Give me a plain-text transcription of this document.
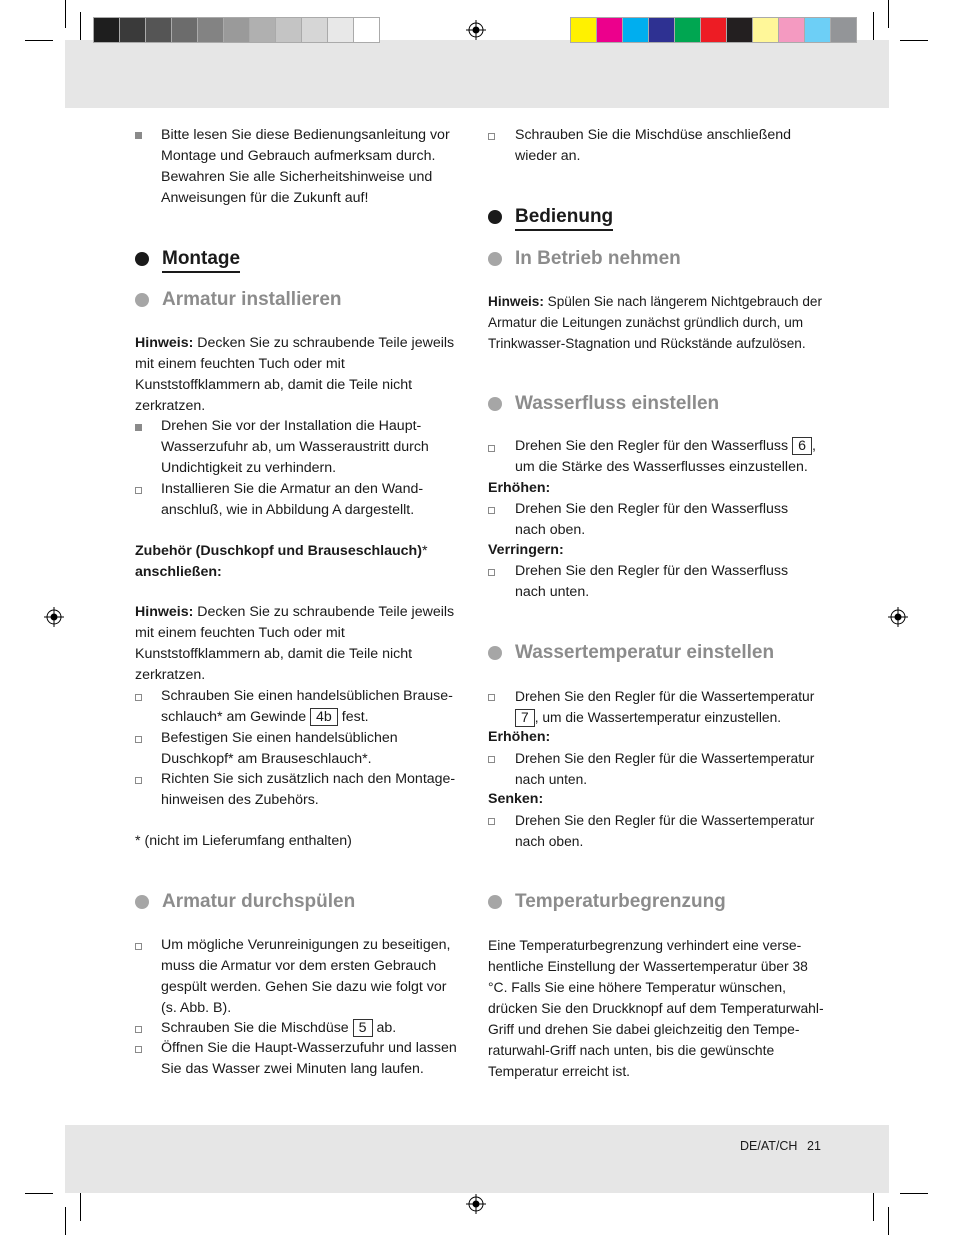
Bitte lesen Sie diese Bedienungsanleitung vor Montage und Gebrauch aufmerksam durch. Bewahren Sie alle Sicherheitshinweise und Anweisungen für die Zukunft auf!
Montage
Armatur installieren
Hinweis: Decken Sie zu schraubende Teile jeweils mit einem feuchten Tuch oder mit Kunststoffklammern ab, damit die Teile nicht zerkratzen.
Drehen Sie vor der Installation die Haupt-Wasserzufuhr ab, um Wasseraustritt durch Undichtigkeit zu verhindern.
Installieren Sie die Armatur an den Wand-anschluß, wie in Abbildung A dargestellt.
Zubehör (Duschkopf und Brauseschlauch)*
anschließen:
Hinweis: Decken Sie zu schraubende Teile jeweils mit einem feuchten Tuch oder mit Kunststoffklammern ab, damit die Teile nicht zerkratzen.
Schrauben Sie einen handelsüblichen Brause-schlauch* am Gewinde 4b fest.
Befestigen Sie einen handelsüblichen Duschkopf* am Brauseschlauch*.
Richten Sie sich zusätzlich nach den Montage-hinweisen des Zubehörs.
* (nicht im Lieferumfang enthalten)
Armatur durchspülen
Um mögliche Verunreinigungen zu beseitigen, muss die Armatur vor dem ersten Gebrauch gespült werden. Gehen Sie dazu wie folgt vor (s. Abb. B).
Schrauben Sie die Mischdüse 5 ab.
Öffnen Sie die Haupt-Wasserzufuhr und lassen Sie das Wasser zwei Minuten lang laufen.
Schrauben Sie die Mischdüse anschließend wieder an.
Bedienung
In Betrieb nehmen
Hinweis: Spülen Sie nach längerem Nichtgebrauch der Armatur die Leitungen zunächst gründlich durch, um Trinkwasser-Stagnation und Rückstände aufzulösen.
Wasserfluss einstellen
Drehen Sie den Regler für den Wasserfluss 6 , um die Stärke des Wasserflusses einzustellen.
Erhöhen:
Drehen Sie den Regler für den Wasserfluss nach oben.
Verringern:
Drehen Sie den Regler für den Wasserfluss nach unten.
Wassertemperatur einstellen
Drehen Sie den Regler für die Wassertemperatur 7 , um die Wassertemperatur einzustellen.
Erhöhen:
Drehen Sie den Regler für die Wassertemperatur nach unten.
Senken:
Drehen Sie den Regler für die Wassertemperatur nach oben.
Temperaturbegrenzung
Eine Temperaturbegrenzung verhindert eine verse-hentliche Einstellung der Wassertemperatur über 38 °C. Falls Sie eine höhere Temperatur wünschen, drücken Sie den Druckknopf auf dem Temperaturwahl-Griff und drehen Sie dabei gleichzeitig den Tempe-raturwahl-Griff nach unten, bis die gewünschte Temperatur erreicht ist.
DE/AT/CH 21
